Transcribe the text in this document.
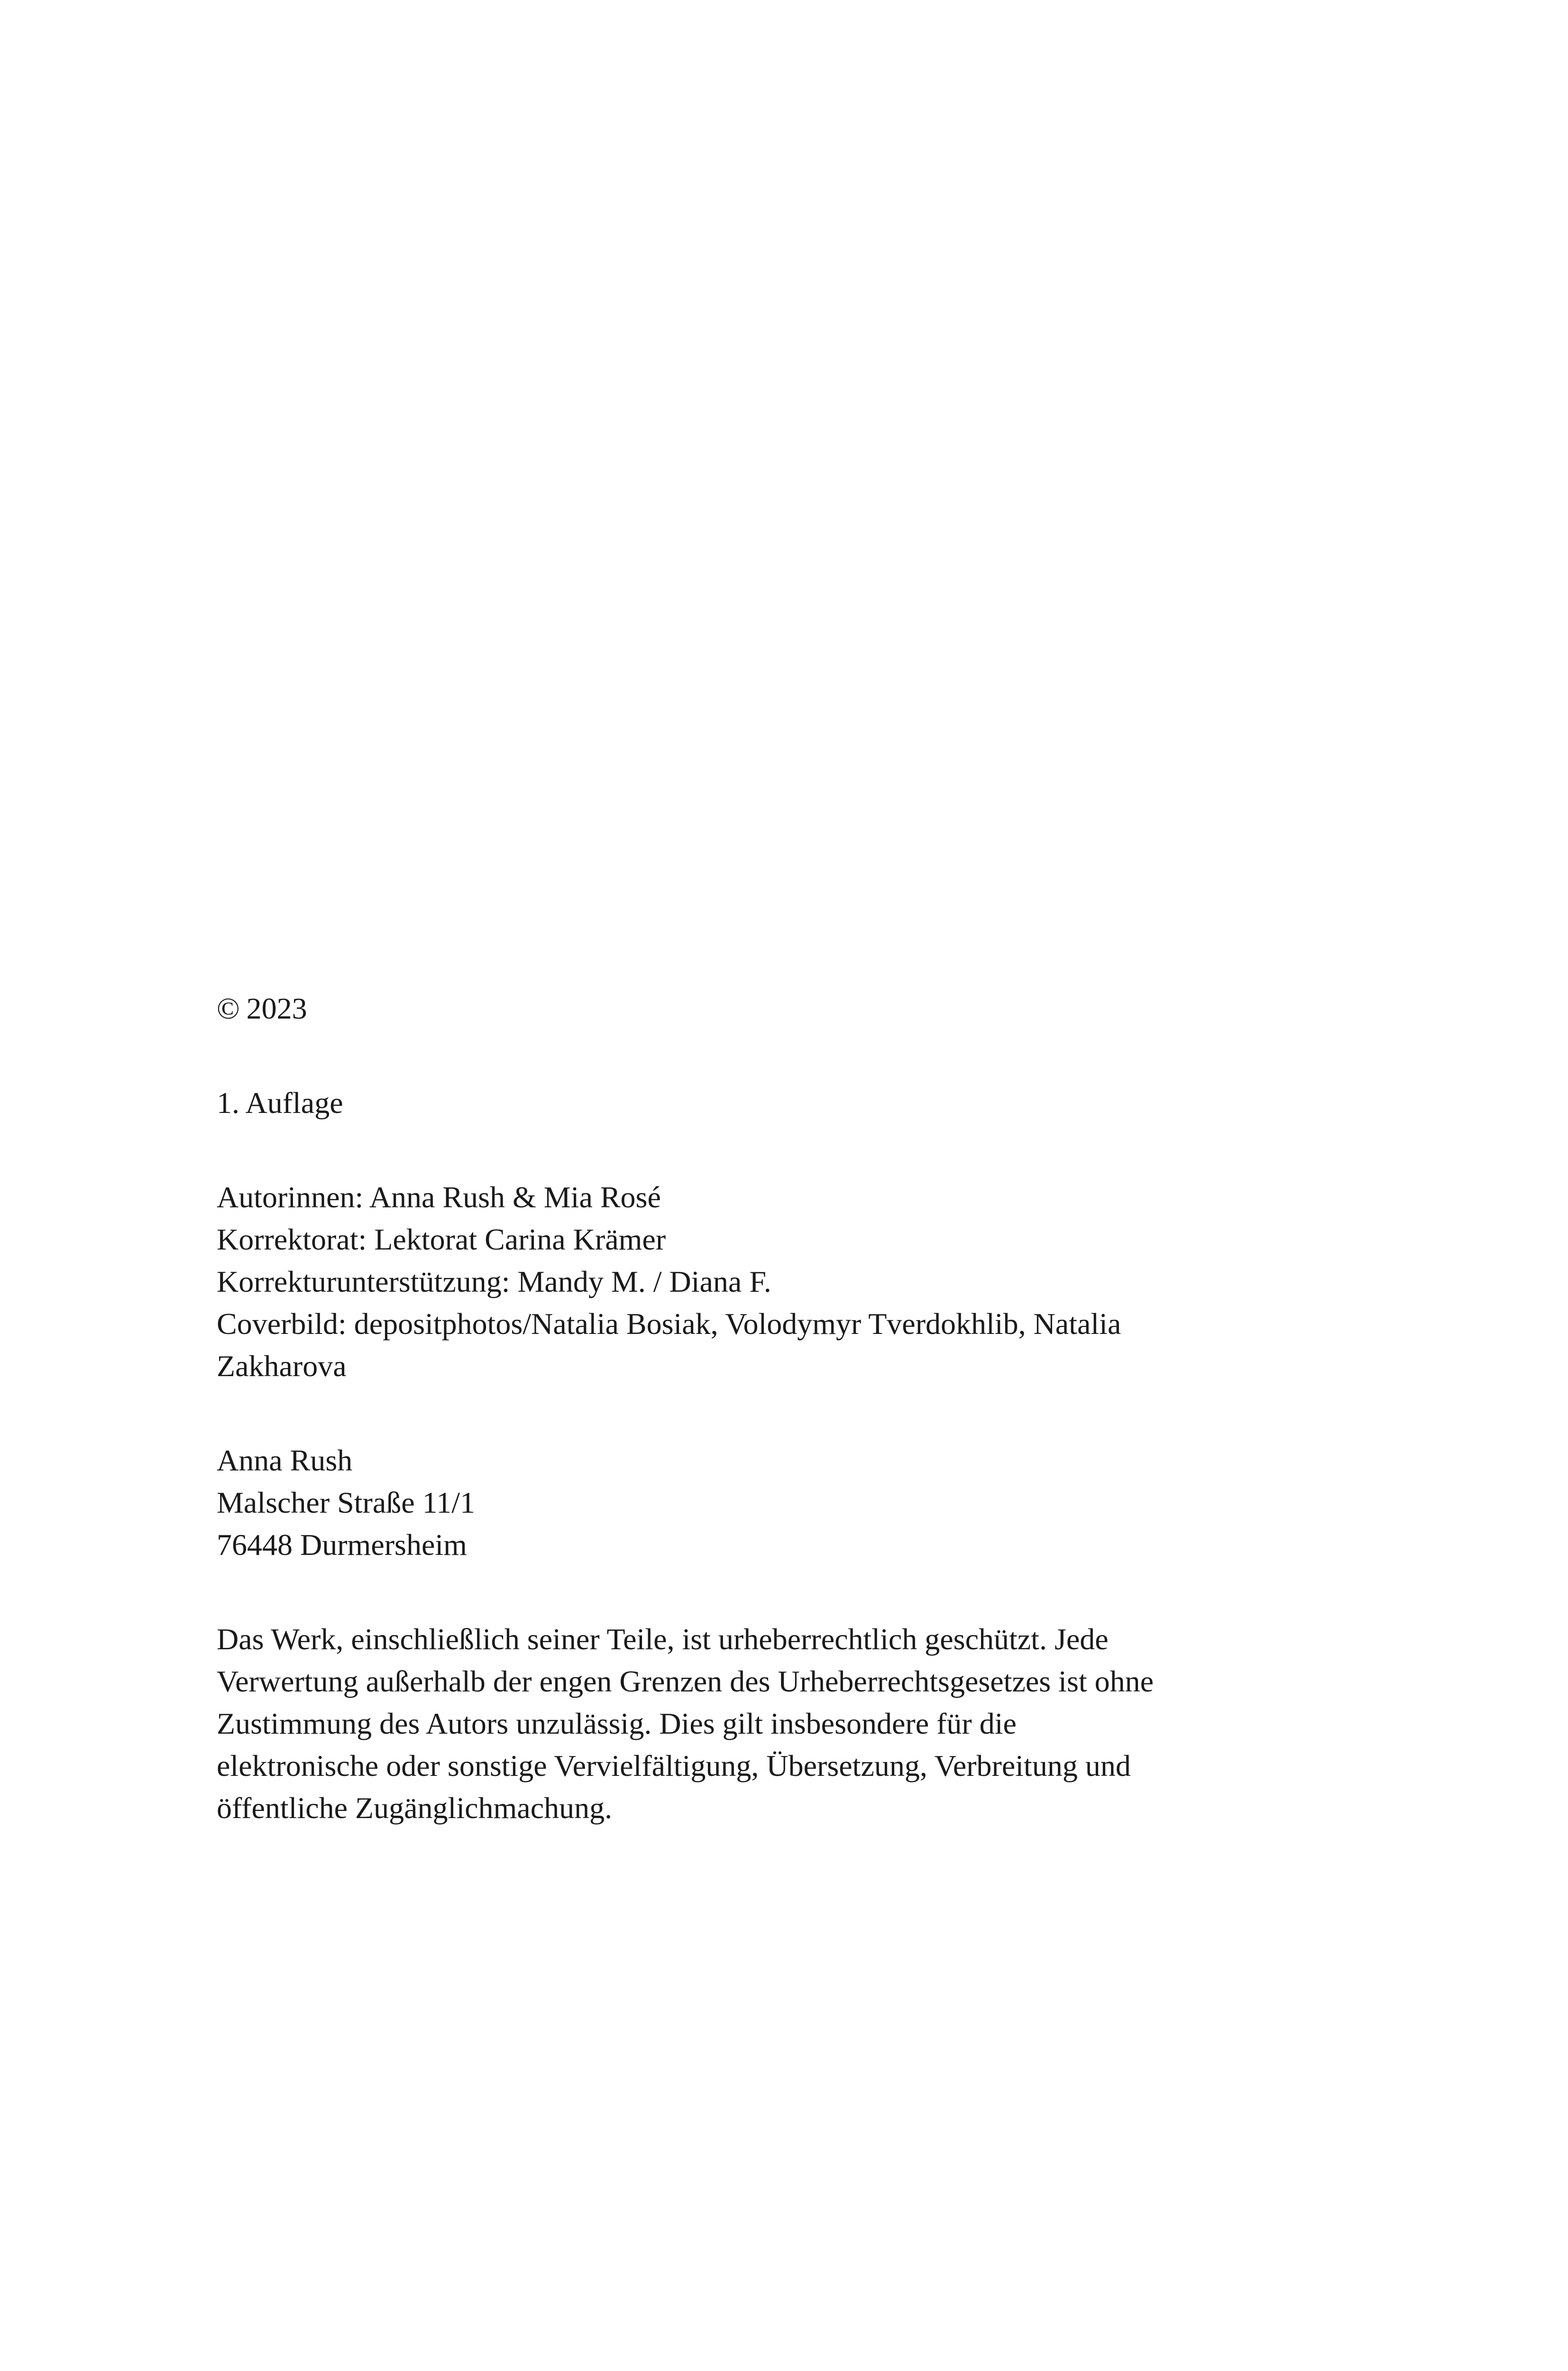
© 2023
1. Auflage
Autorinnen: Anna Rush & Mia Rosé
Korrektorat: Lektorat Carina Krämer
Korrekturunterstützung: Mandy M. / Diana F.
Coverbild: depositphotos/Natalia Bosiak, Volodymyr Tverdokhlib, Natalia
Zakharova
Anna Rush
Malscher Straße 11/1
76448 Durmersheim
Das Werk, einschließlich seiner Teile, ist urheberrechtlich geschützt. Jede
Verwertung außerhalb der engen Grenzen des Urheberrechtsgesetzes ist ohne
Zustimmung des Autors unzulässig. Dies gilt insbesondere für die
elektronische oder sonstige Vervielfältigung, Übersetzung, Verbreitung und
öffentliche Zugänglichmachung.
